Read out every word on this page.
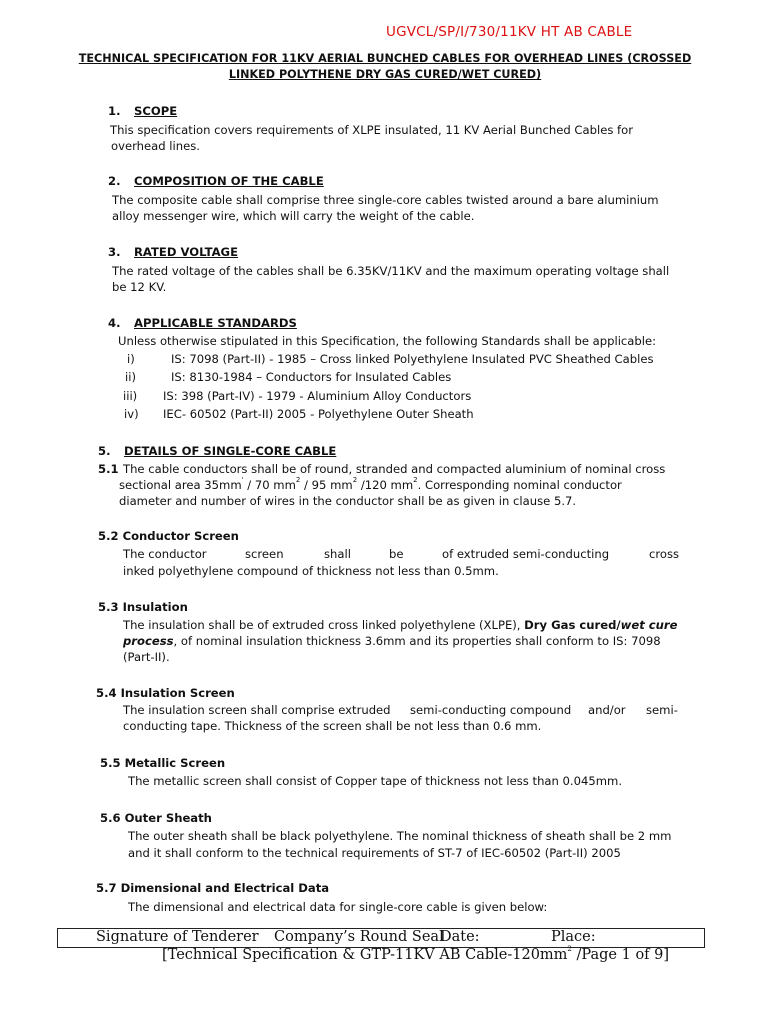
UGVCL/SP/I/730/11KV HT AB CABLE
TECHNICAL SPECIFICATION FOR 11KV AERIAL BUNCHED CABLES FOR OVERHEAD LINES (CROSSED
LINKED POLYTHENE DRY GAS CURED/WET CURED)
1. SCOPE
This specification covers requirements of XLPE insulated, 11 KV Aerial Bunched Cables for
overhead lines.
2. COMPOSITION OF THE CABLE
The composite cable shall comprise three single-core cables twisted around a bare aluminium
alloy messenger wire, which will carry the weight of the cable.
3. RATED VOLTAGE
The rated voltage of the cables shall be 6.35KV/11KV and the maximum operating voltage shall
be 12 KV.
4. APPLICABLE STANDARDS
Unless otherwise stipulated in this Specification, the following Standards shall be applicable:
i)	IS: 7098 (Part-II) - 1985 – Cross linked Polyethylene Insulated PVC Sheathed Cables
ii)	IS: 8130-1984 – Conductors for Insulated Cables
iii) IS: 398 (Part-IV) - 1979 - Aluminium Alloy Conductors
iv) IEC- 60502 (Part-II) 2005 - Polyethylene Outer Sheath
5. DETAILS OF SINGLE-CORE CABLE
5.1 The cable conductors shall be of round, stranded and compacted aluminium of nominal cross
sectional area 35mm' / 70 $mm^2 / 95$ $mm^2$ /120 $mm^2$. Corresponding nominal conductor
diameter and number of wires in the conductor shall be as given in clause 5.7.
5.2 Conductor Screen
The conductor	screen	shall	be	of extruded semi-conducting	cross
inked polyethylene compound of thickness not less than 0.5mm.
5.3 Insulation
The insulation shall be of extruded cross linked polyethylene (XLPE), Dry Gas cured/wet cure
process, of nominal insulation thickness 3.6mm and its properties shall conform to IS: 7098
(Part-II).
5.4 Insulation Screen
The insulation screen shall comprise extruded semi-conducting compound and/or semi-
conducting tape. Thickness of the screen shall be not less than 0.6 mm.
5.5 Metallic Screen
The metallic screen shall consist of Copper tape of thickness not less than 0.045mm.
5.6 Outer Sheath
The outer sheath shall be black polyethylene. The nominal thickness of sheath shall be 2 mm
and it shall conform to the technical requirements of ST-7 of IEC-60502 (Part-II) 2005
5.7 Dimensional and Electrical Data
The dimensional and electrical data for single-core cable is given below:
Signature of Tenderer Company’s Round Seal
Date:	Place:
[Technical Specification & GTP-11KV AB Cable-$120mm^2$ /Page 1 of 9]
